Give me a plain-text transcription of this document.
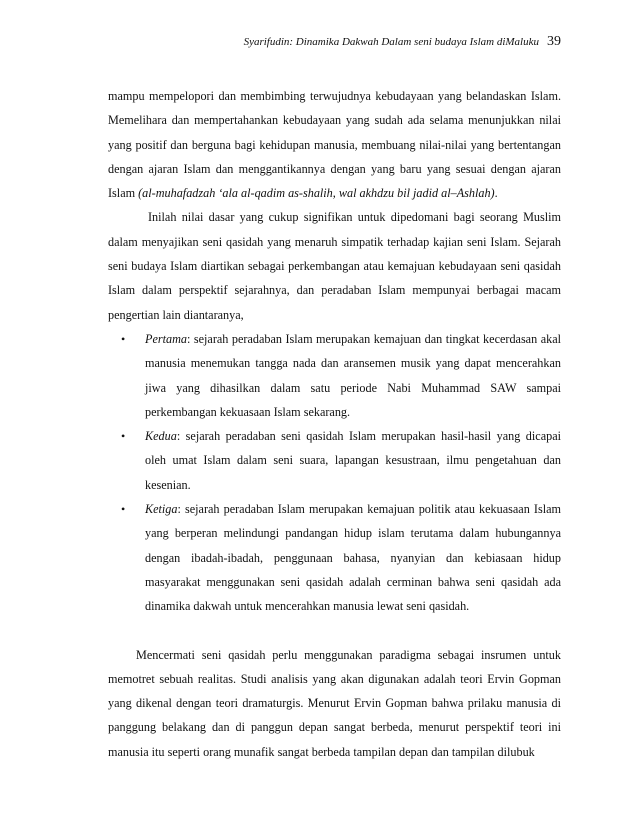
Syarifudin: Dinamika Dakwah Dalam seni budaya Islam diMaluku 39

mampu mempelopori dan membimbing terwujudnya kebudayaan yang belandaskan Islam. Memelihara dan mempertahankan kebudayaan yang sudah ada selama menunjukkan nilai yang positif dan berguna bagi kehidupan manusia, membuang nilai-nilai yang bertentangan dengan ajaran Islam dan menggantikannya dengan yang baru yang sesuai dengan ajaran Islam (al-muhafadzah ‘ala al-qadim as-shalih, wal akhdzu bil jadid al–Ashlah).

Inilah nilai dasar yang cukup signifikan untuk dipedomani bagi seorang Muslim dalam menyajikan seni qasidah yang menaruh simpatik terhadap kajian seni Islam. Sejarah seni budaya Islam diartikan sebagai perkembangan atau kemajuan kebudayaan seni qasidah Islam dalam perspektif sejarahnya, dan peradaban Islam mempunyai berbagai macam pengertian lain diantaranya,

• Pertama: sejarah peradaban Islam merupakan kemajuan dan tingkat kecerdasan akal manusia menemukan tangga nada dan aransemen musik yang dapat mencerahkan jiwa yang dihasilkan dalam satu periode Nabi Muhammad SAW sampai perkembangan kekuasaan Islam sekarang.
• Kedua: sejarah peradaban seni qasidah Islam merupakan hasil-hasil yang dicapai oleh umat Islam dalam seni suara, lapangan kesustraan, ilmu pengetahuan dan kesenian.
• Ketiga: sejarah peradaban Islam merupakan kemajuan politik atau kekuasaan Islam yang berperan melindungi pandangan hidup islam terutama dalam hubungannya dengan ibadah-ibadah, penggunaan bahasa, nyanyian dan kebiasaan hidup masyarakat menggunakan seni qasidah adalah cerminan bahwa seni qasidah ada dinamika dakwah untuk mencerahkan manusia lewat seni qasidah.

Mencermati seni qasidah perlu menggunakan paradigma sebagai insrumen untuk memotret sebuah realitas. Studi analisis yang akan digunakan adalah teori Ervin Gopman yang dikenal dengan teori dramaturgis. Menurut Ervin Gopman bahwa prilaku manusia di panggung belakang dan di panggun depan sangat berbeda, menurut perspektif teori ini manusia itu seperti orang munafik sangat berbeda tampilan depan dan tampilan dilubuk
